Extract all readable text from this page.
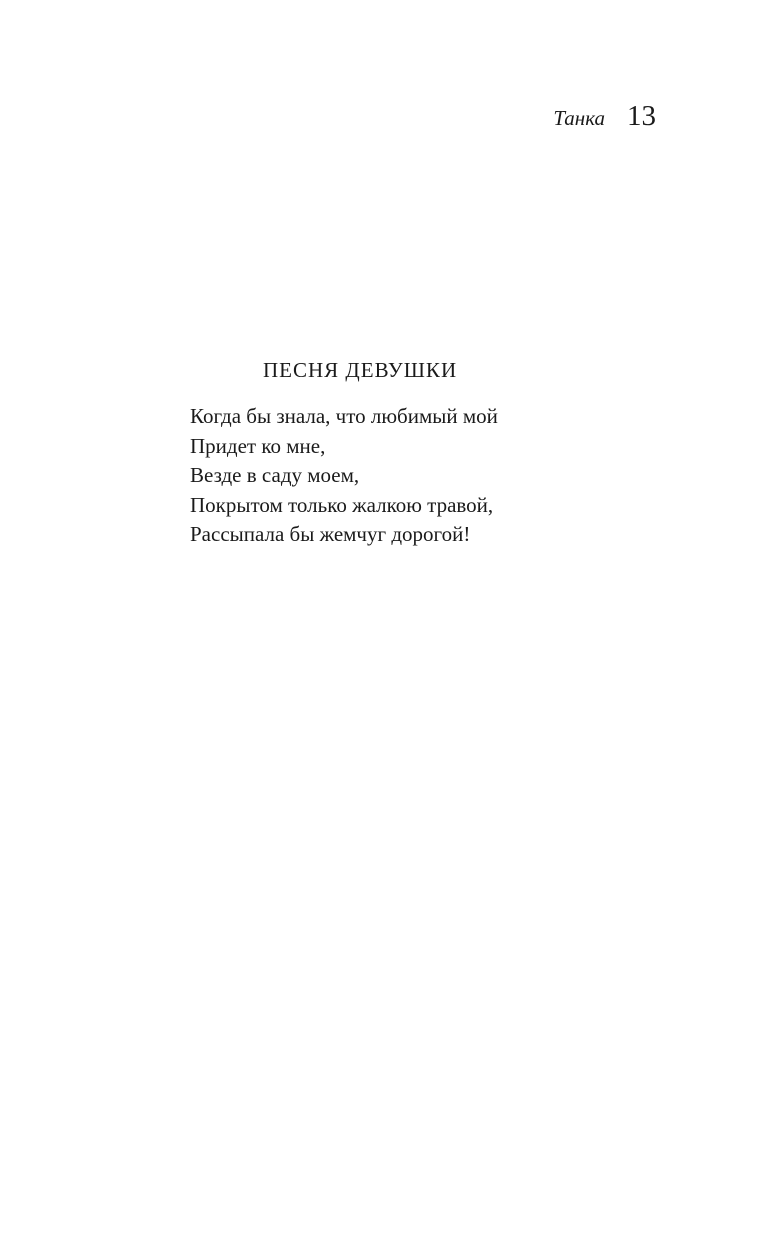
Танка 13
ПЕСНЯ ДЕВУШКИ
Когда бы знала, что любимый мой
Придет ко мне,
Везде в саду моем,
Покрытом только жалкою травой,
Рассыпала бы жемчуг дорогой!
